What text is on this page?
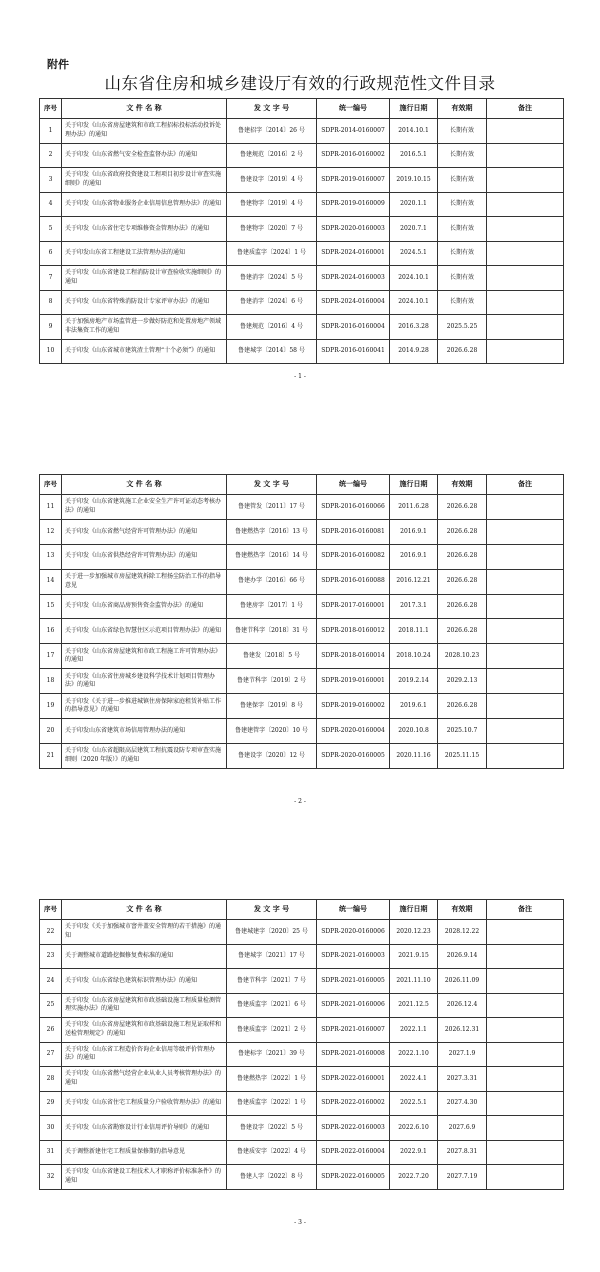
附件
山东省住房和城乡建设厅有效的行政规范性文件目录
序号	文 件 名 称	发 文 字 号	统一编号	施行日期	有效期	备注
1	关于印发《山东省房屋建筑和市政工程招标投标活动投诉处理办法》的通知	鲁建招字〔2014〕26 号	SDPR-2014-0160007	2014.10.1	长期有效	
2	关于印发《山东省燃气安全检查监督办法》的通知	鲁建规范〔2016〕2 号	SDPR-2016-0160002	2016.5.1	长期有效	
3	关于印发《山东省政府投资建设工程项目初步设计审查实施细则》的通知	鲁建设字〔2019〕4 号	SDPR-2019-0160007	2019.10.15	长期有效	
4	关于印发《山东省物业服务企业信用信息管理办法》的通知	鲁建物字〔2019〕4 号	SDPR-2019-0160009	2020.1.1	长期有效	
5	关于印发《山东省住宅专项维修资金管理办法》的通知	鲁建物字〔2020〕7 号	SDPR-2020-0160003	2020.7.1	长期有效	
6	关于印发山东省工程建设工法管理办法的通知	鲁建质监字〔2024〕1 号	SDPR-2024-0160001	2024.5.1	长期有效	
7	关于印发《山东省建设工程消防设计审查验收实施细则》的通知	鲁建消字〔2024〕5 号	SDPR-2024-0160003	2024.10.1	长期有效	
8	关于印发《山东省特殊消防设计专家评审办法》的通知	鲁建消字〔2024〕6 号	SDPR-2024-0160004	2024.10.1	长期有效	
9	关于加强房地产市场监管进一步做好防范和处置房地产领域非法集资工作的通知	鲁建规范〔2016〕4 号	SDPR-2016-0160004	2016.3.28	2025.5.25	
10	关于印发《山东省城市建筑渣土管理“十个必须”》的通知	鲁建城字〔2014〕58 号	SDPR-2016-0160041	2014.9.28	2026.6.28	
- 1 -
序号	文 件 名 称	发 文 字 号	统一编号	施行日期	有效期	备注
11	关于印发《山东省建筑施工企业安全生产许可证动态考核办法》的通知	鲁建管发〔2011〕17 号	SDPR-2016-0160066	2011.6.28	2026.6.28	
12	关于印发《山东省燃气经营许可管理办法》的通知	鲁建燃热字〔2016〕13 号	SDPR-2016-0160081	2016.9.1	2026.6.28	
13	关于印发《山东省供热经营许可管理办法》的通知	鲁建燃热字〔2016〕14 号	SDPR-2016-0160082	2016.9.1	2026.6.28	
14	关于进一步加强城市房屋建筑拆除工程扬尘防治工作的指导意见	鲁建办字〔2016〕66 号	SDPR-2016-0160088	2016.12.21	2026.6.28	
15	关于印发《山东省商品房预售资金监管办法》的通知	鲁建房字〔2017〕1 号	SDPR-2017-0160001	2017.3.1	2026.6.28	
16	关于印发《山东省绿色智慧住区示范项目管理办法》的通知	鲁建节科字〔2018〕31 号	SDPR-2018-0160012	2018.11.1	2026.6.28	
17	关于印发《山东省房屋建筑和市政工程施工许可管理办法》的通知	鲁建发〔2018〕5 号	SDPR-2018-0160014	2018.10.24	2028.10.23	
18	关于印发《山东省住房城乡建设科学技术计划项目管理办法》的通知	鲁建节科字〔2019〕2 号	SDPR-2019-0160001	2019.2.14	2029.2.13	
19	关于印发《关于进一步推进城镇住房保障家庭租赁补贴工作的指导意见》的通知	鲁建保字〔2019〕8 号	SDPR-2019-0160002	2019.6.1	2026.6.28	
20	关于印发山东省建筑市场信用管理办法的通知	鲁建建管字〔2020〕10 号	SDPR-2020-0160004	2020.10.8	2025.10.7	
21	关于印发《山东省超限高层建筑工程抗震设防专项审查实施细则（2020 年版）》的通知	鲁建设字〔2020〕12 号	SDPR-2020-0160005	2020.11.16	2025.11.15	
- 2 -
序号	文 件 名 称	发 文 字 号	统一编号	施行日期	有效期	备注
22	关于印发《关于加强城市窨井盖安全管理的若干措施》的通知	鲁建城建字〔2020〕25 号	SDPR-2020-0160006	2020.12.23	2028.12.22	
23	关于调整城市道路挖掘修复费标准的通知	鲁建城字〔2021〕17 号	SDPR-2021-0160003	2021.9.15	2026.9.14	
24	关于印发《山东省绿色建筑标识管理办法》的通知	鲁建节科字〔2021〕7 号	SDPR-2021-0160005	2021.11.10	2026.11.09	
25	关于印发《山东省房屋建筑和市政基础设施工程质量检测管理实施办法》的通知	鲁建质监字〔2021〕6 号	SDPR-2021-0160006	2021.12.5	2026.12.4	
26	关于印发《山东省房屋建筑和市政基础设施工程见证取样和送检管理规定》的通知	鲁建质监字〔2021〕2 号	SDPR-2021-0160007	2022.1.1	2026.12.31	
27	关于印发《山东省工程造价咨询企业信用等级评价管理办法》的通知	鲁建标字〔2021〕39 号	SDPR-2021-0160008	2022.1.10	2027.1.9	
28	关于印发《山东省燃气经营企业从业人员考核管理办法》的通知	鲁建燃热字〔2022〕1 号	SDPR-2022-0160001	2022.4.1	2027.3.31	
29	关于印发《山东省住宅工程质量分户验收管理办法》的通知	鲁建质监字〔2022〕1 号	SDPR-2022-0160002	2022.5.1	2027.4.30	
30	关于印发《山东省勘察设计行业信用评价导则》的通知	鲁建设字〔2022〕5 号	SDPR-2022-0160003	2022.6.10	2027.6.9	
31	关于调整新建住宅工程质量保修期的指导意见	鲁建质安字〔2022〕4 号	SDPR-2022-0160004	2022.9.1	2027.8.31	
32	关于印发《山东省建设工程技术人才职称评价标准条件》的通知	鲁建人字〔2022〕8 号	SDPR-2022-0160005	2022.7.20	2027.7.19	
- 3 -
